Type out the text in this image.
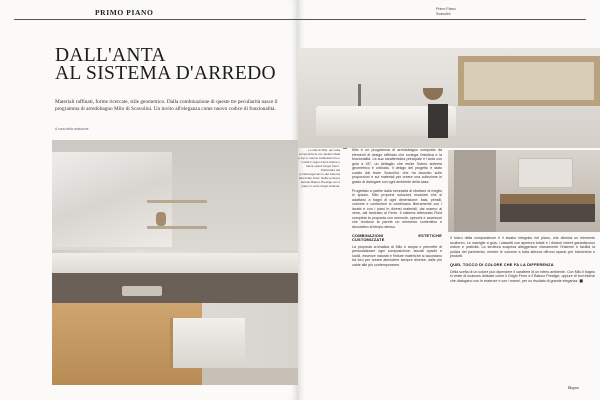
PRIMO PIANO
DALL'ANTA
AL SISTEMA D'ARREDO

Materiali raffinati, forme ricercate, stile geometrico. Dalla combinazione di queste tre peculiarità nasce il programma di arredobagno Milo di Scavolini. Un invito all'eleganza come nuovo codice di funzionalità.

A cura della redazione
Primo Piano
Scavolini
Lo stile di Milo, qui nella composizione con lavabo Ideal e top in marmo Calacatta Oro e mobili in legno Noce Alpine e lacca opaca Grigio Ferro. Particolare del portasciugamani e del sistema attrezzato Fluid. Nella versione laccato Bianco Prestige con il piano in vetro Grigio Ardesia.

Milo è un programma di arredobagno composto da elementi di design raffinato che coniuga l'estetica e la funzionalità. La sua caratteristica principale è l'anta con gola a 45°, un dettaglio che rende l'intero sistema geometrico e ordinato. Il design del progetto è stato curato dal team Scavolini, che ha lavorato sulle proporzioni e sui materiali per creare una collezione in grado di dialogare con ogni ambiente della casa.

Progettato a partire dalla necessità di sfruttare al meglio lo spazio, Milo propone soluzioni modulari che si adattano a bagni di ogni dimensione: basi, pensili, colonne e contenitori si combinano liberamente con i lavabi e con i piani in diversi materiali, dal marmo al vetro, dal laminato al Fenix. Il sistema attrezzato Fluid completa la proposta con mensole, specchi e accessori che rendono la parete un elemento contenitivo e decorativo al tempo stesso.

COMBINAZIONI ESTETICHE CUSTOMIZZATE

La proposta cromatica di Milo è ampia e permette di personalizzare ogni composizione: laccati opachi e lucidi, essenze naturali e finiture materiche si accostano tra loro per creare atmosfere sempre diverse, dalle più calde alle più contemporanee.

Il fulcro della composizione è il lavabo integrato nel piano, che diventa un elemento scultoreo. Le maniglie a gola, i cassetti con apertura totale e i divisori interni garantiscono ordine e praticità. La struttura sospesa alleggerisce visivamente l'insieme e facilita la pulizia del pavimento, mentre le colonne a tutta altezza offrono spazio per biancheria e prodotti.

QUEL TOCCO DI COLORE CHE FA LA DIFFERENZA

Della scelta di un colore può dipendere il carattere di un intero ambiente. Con Milo il bagno si veste di nuances delicate come il Grigio Ferro e il Bianco Prestige, oppure di toni intensi che dialogano con le essenze e con i marmi, per un risultato di grande eleganza. ■

Bagno
